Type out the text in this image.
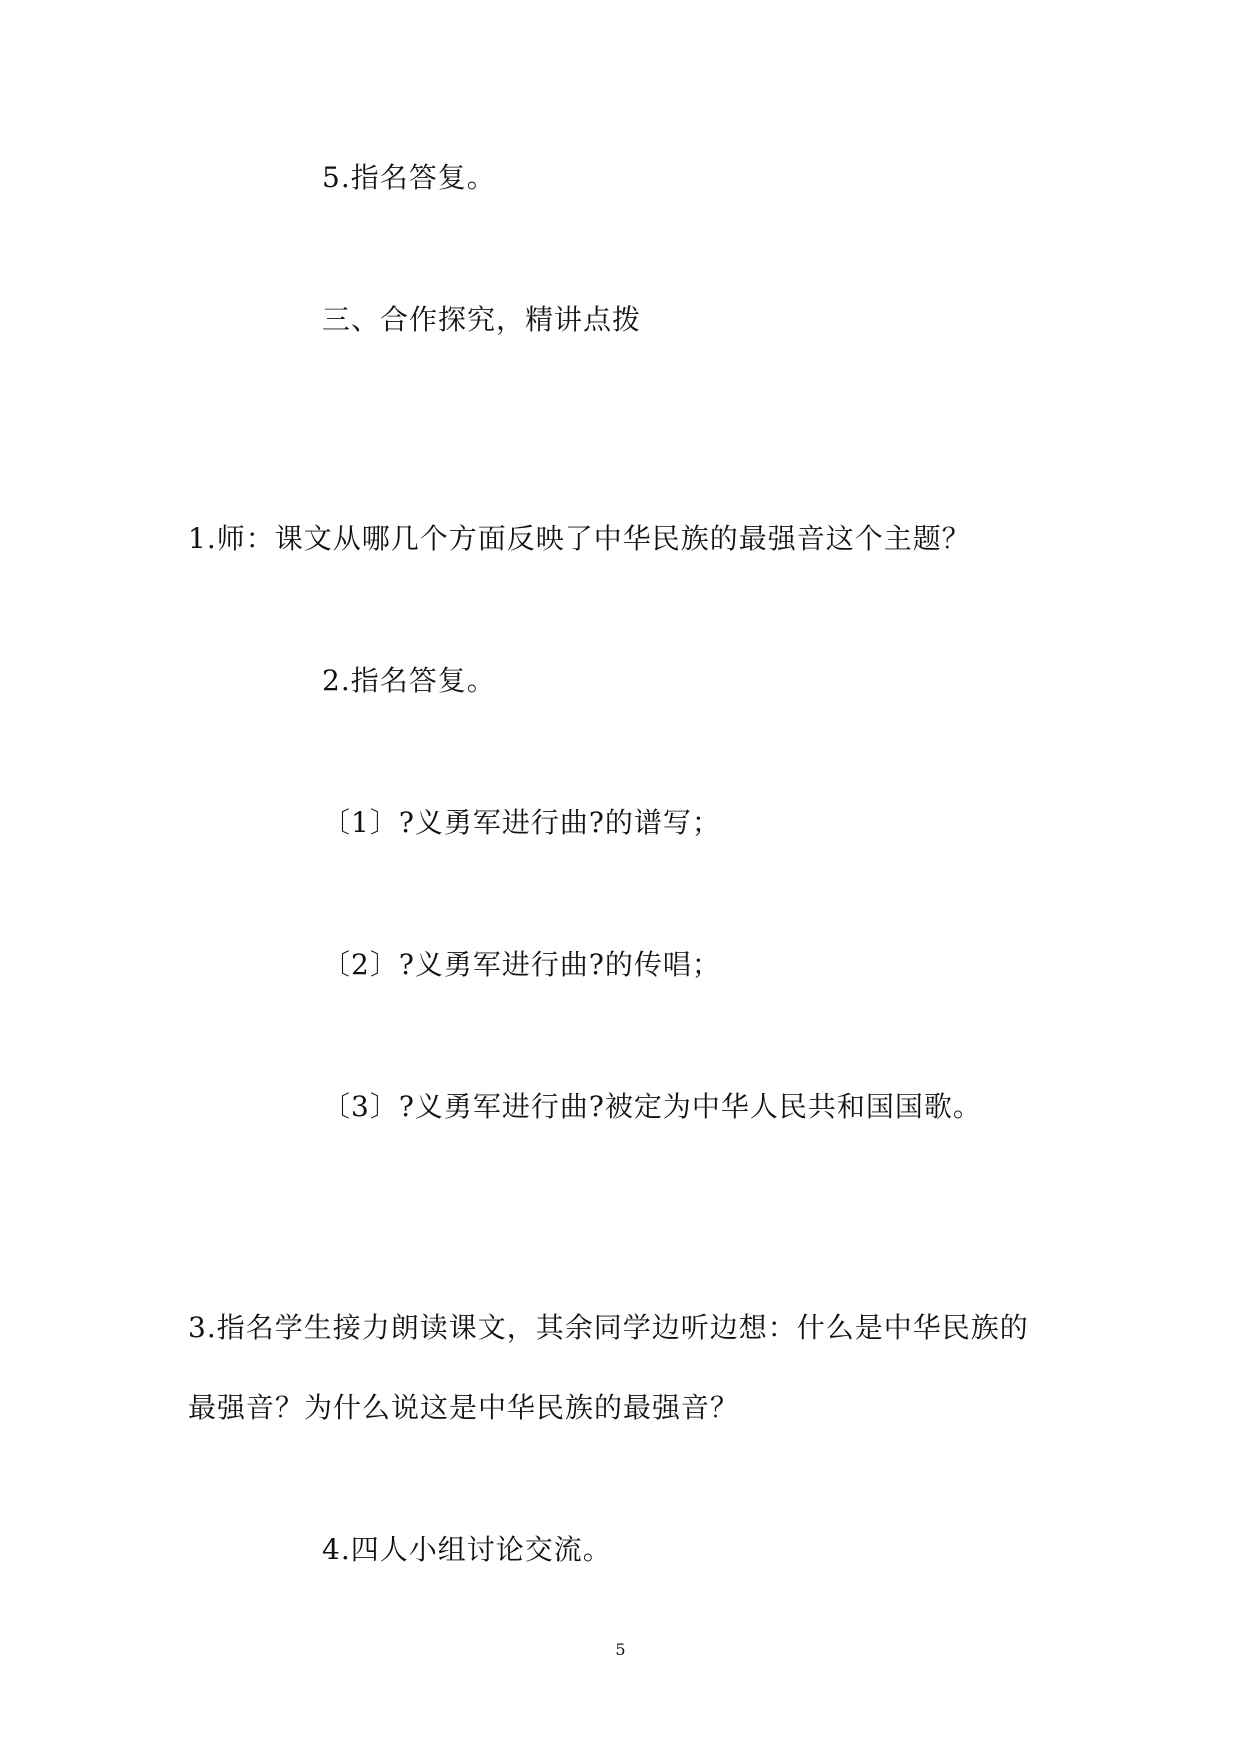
5.指名答复。
三、合作探究，精讲点拨
1.师：课文从哪几个方面反映了中华民族的最强音这个主题？
2.指名答复。
〔1〕?义勇军进行曲?的谱写；
〔2〕?义勇军进行曲?的传唱；
〔3〕?义勇军进行曲?被定为中华人民共和国国歌。
3.指名学生接力朗读课文，其余同学边听边想：什么是中华民族的
最强音？为什么说这是中华民族的最强音？
4.四人小组讨论交流。
5
